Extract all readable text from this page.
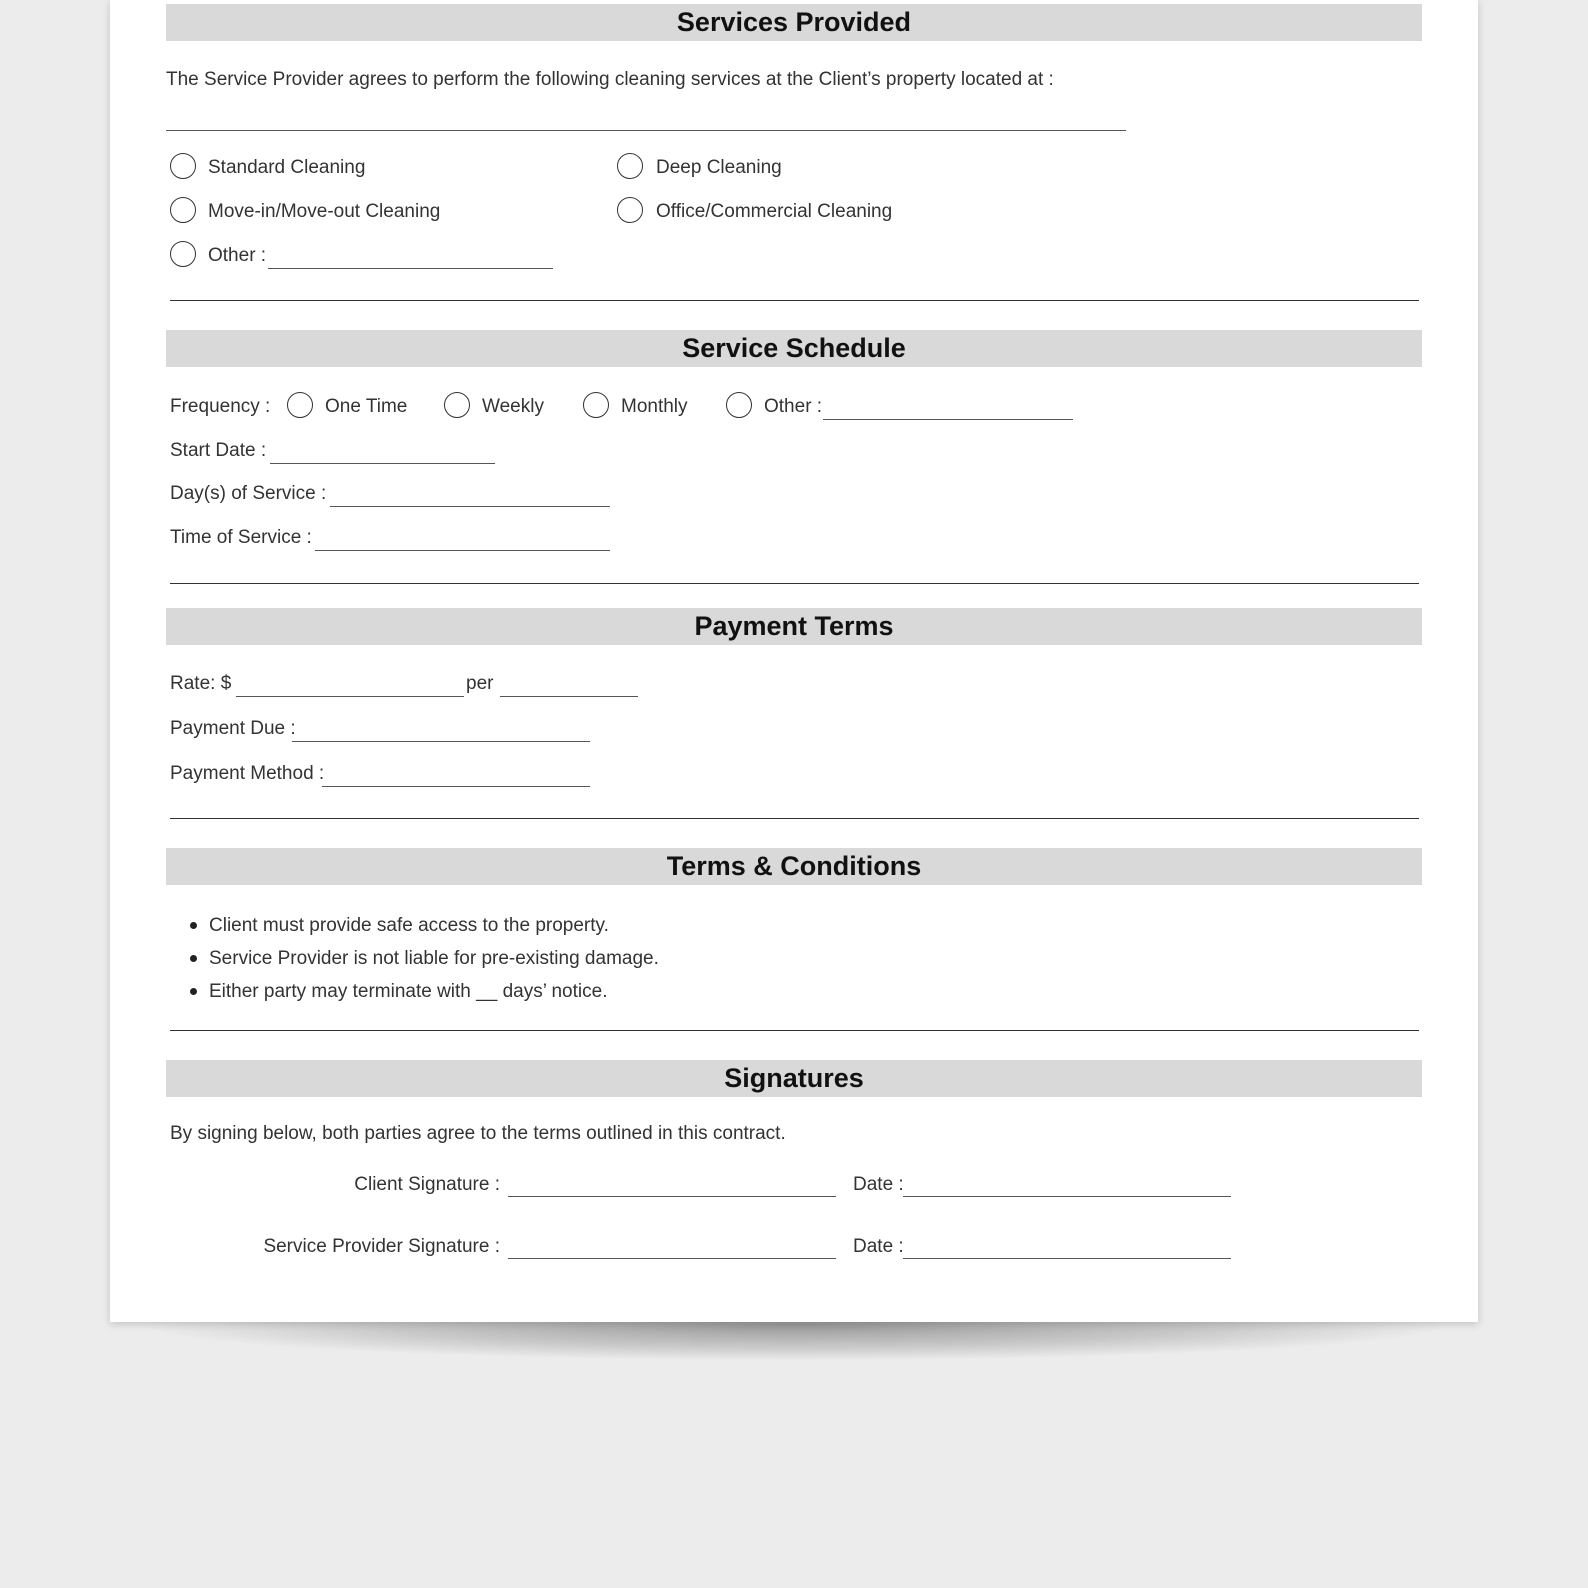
Services Provided
The Service Provider agrees to perform the following cleaning services at the Client’s property located at :
Standard Cleaning	Deep Cleaning
Move-in/Move-out Cleaning	Office/Commercial Cleaning
Other :
Service Schedule
Frequency :	One Time	Weekly	Monthly	Other :
Start Date :
Day(s) of Service :
Time of Service :
Payment Terms
Rate: $	per
Payment Due :
Payment Method :
Terms & Conditions
Client must provide safe access to the property.
Service Provider is not liable for pre-existing damage.
Either party may terminate with __ days’ notice.
Signatures
By signing below, both parties agree to the terms outlined in this contract.
Client Signature :	Date :
Service Provider Signature :	Date :
